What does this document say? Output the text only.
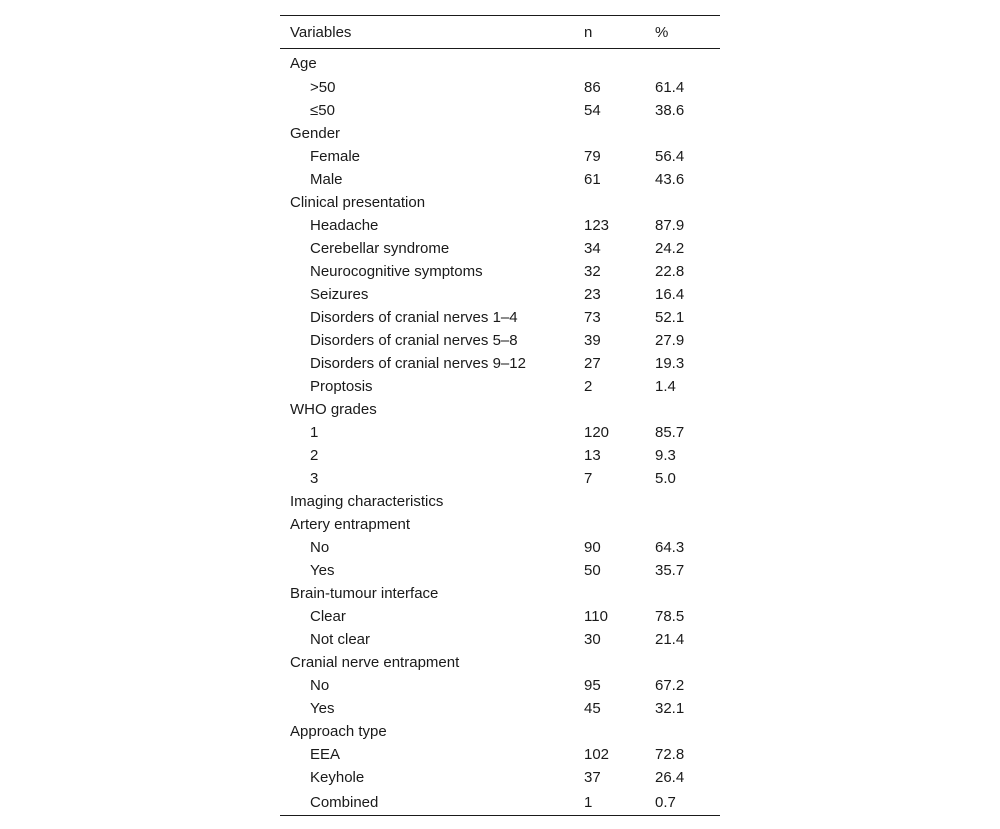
Variables	n	%
Age		
>50	86	61.4
≤50	54	38.6
Gender		
Female	79	56.4
Male	61	43.6
Clinical presentation		
Headache	123	87.9
Cerebellar syndrome	34	24.2
Neurocognitive symptoms	32	22.8
Seizures	23	16.4
Disorders of cranial nerves 1–4	73	52.1
Disorders of cranial nerves 5–8	39	27.9
Disorders of cranial nerves 9–12	27	19.3
Proptosis	2	1.4
WHO grades		
1	120	85.7
2	13	9.3
3	7	5.0
Imaging characteristics		
Artery entrapment		
No	90	64.3
Yes	50	35.7
Brain-tumour interface		
Clear	110	78.5
Not clear	30	21.4
Cranial nerve entrapment		
No	95	67.2
Yes	45	32.1
Approach type		
EEA	102	72.8
Keyhole	37	26.4
Combined	1	0.7
